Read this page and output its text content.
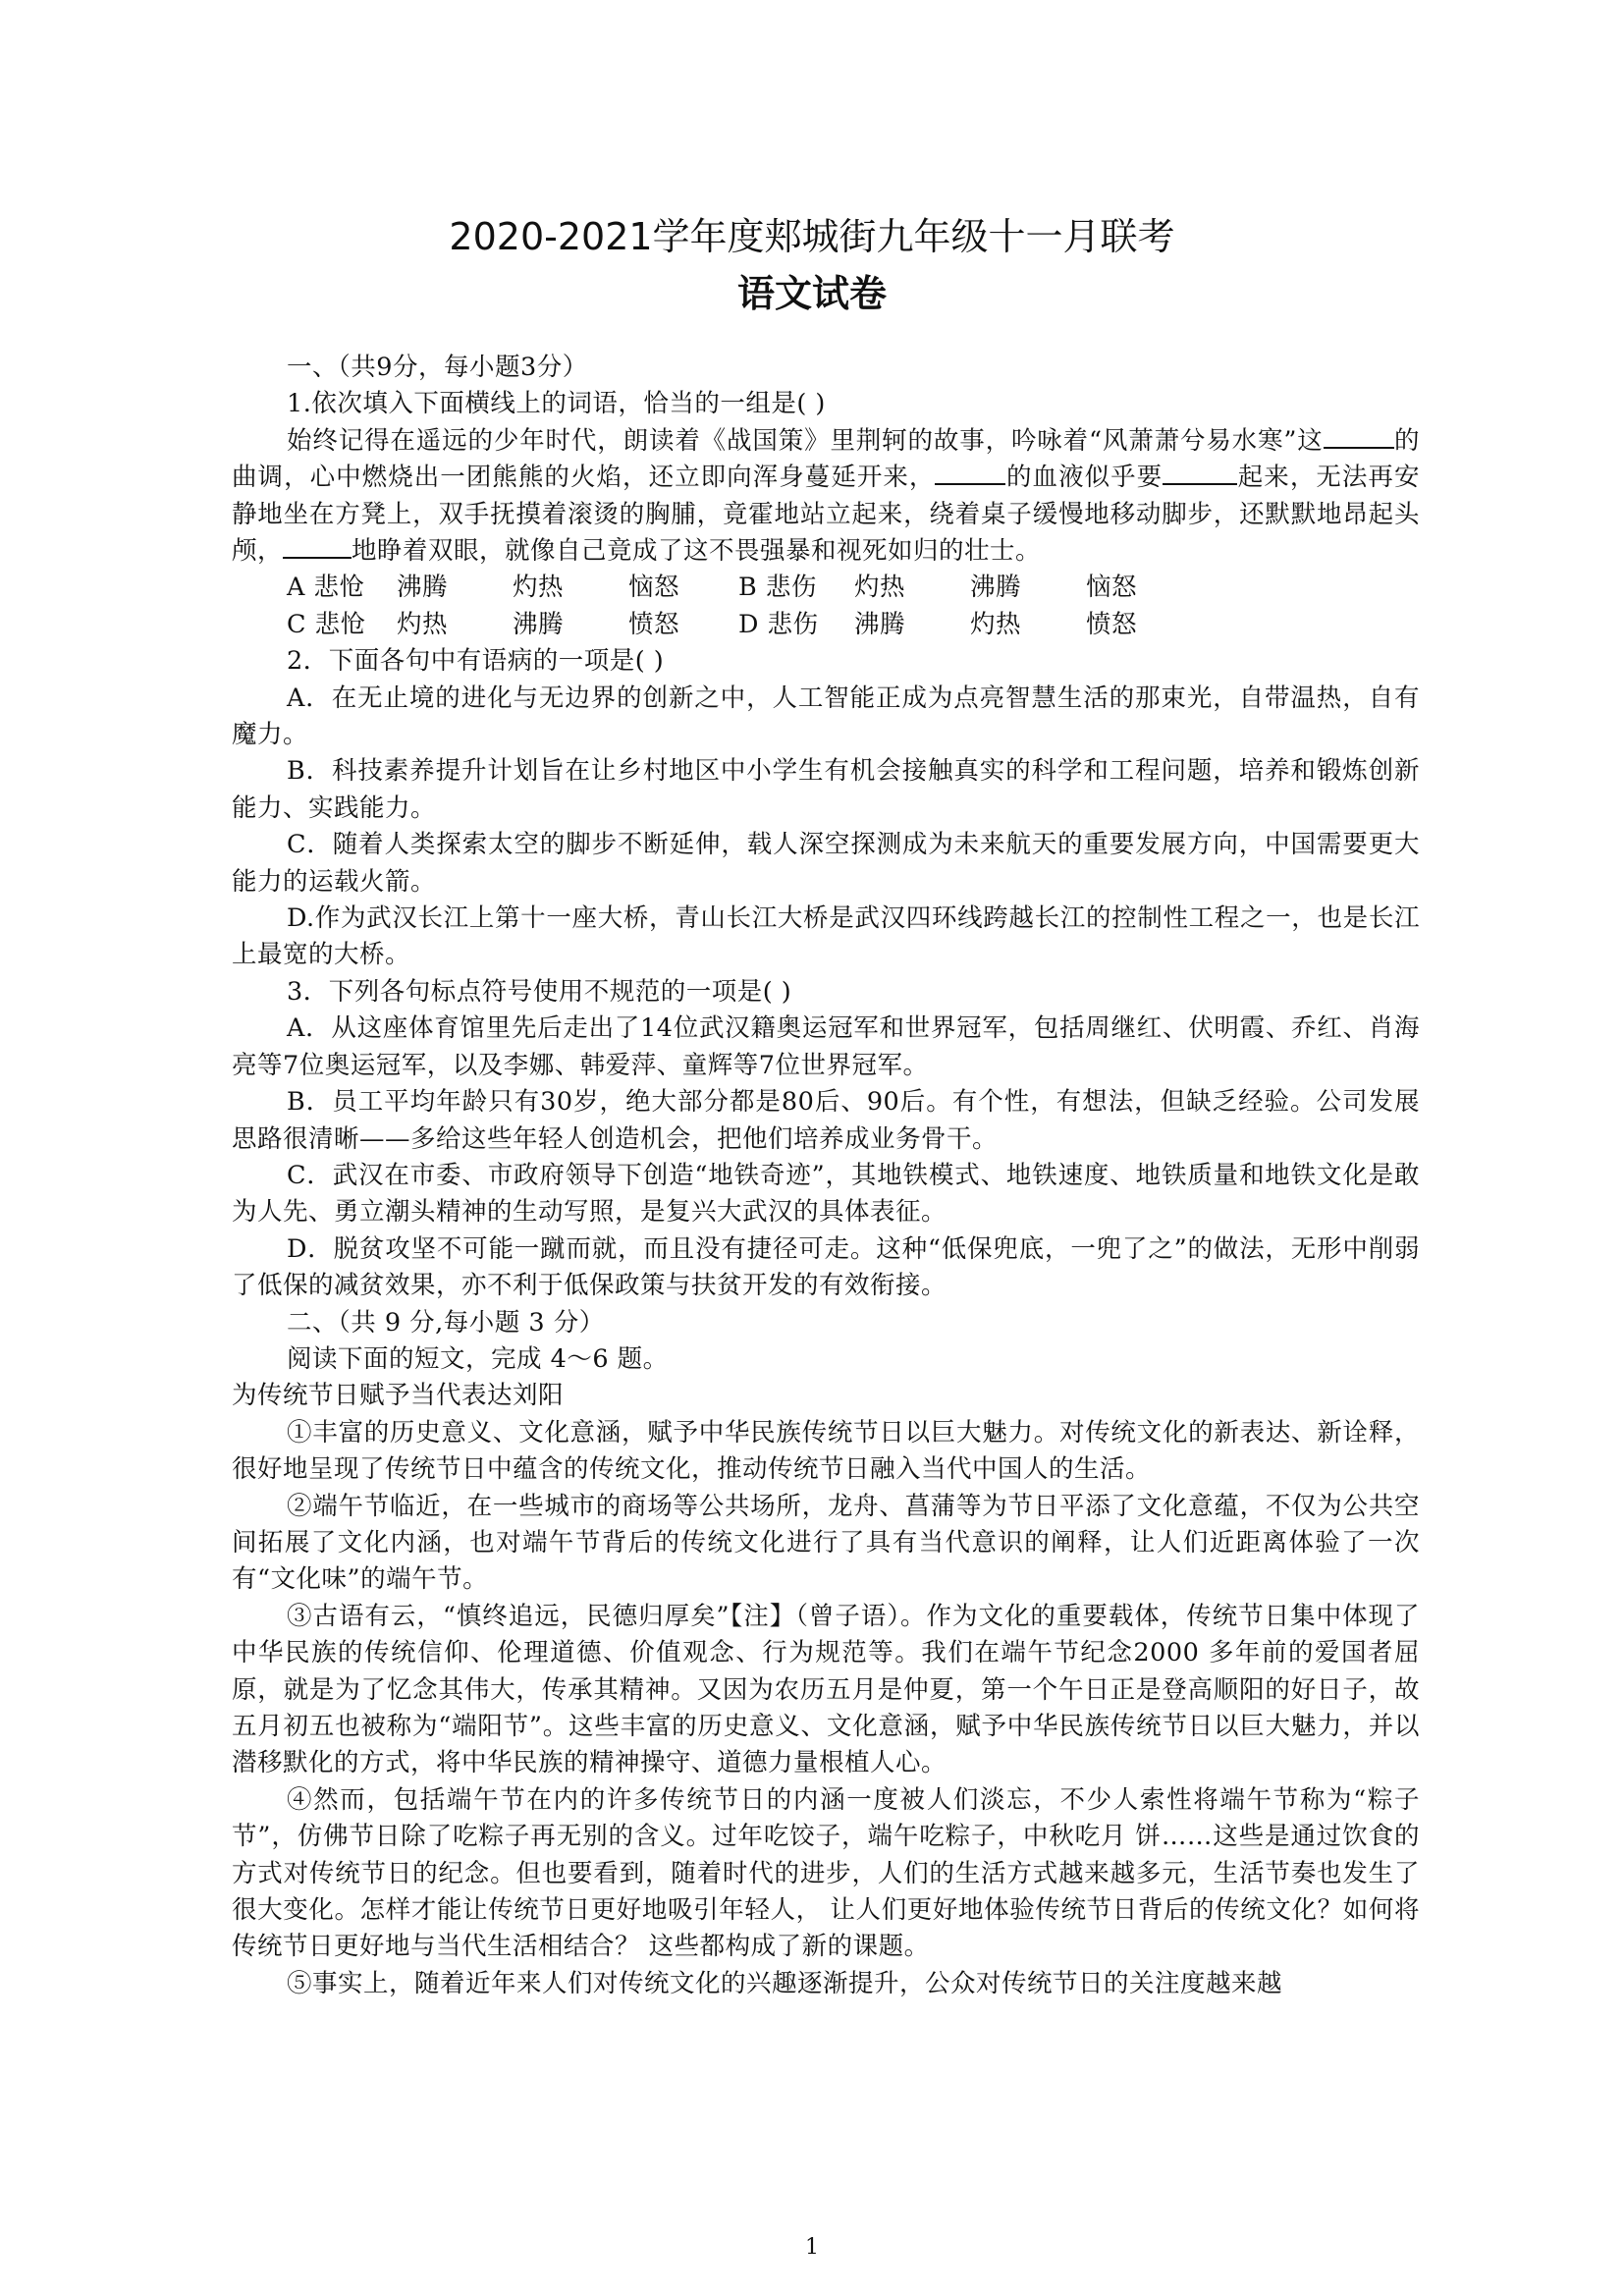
2020-2021学年度郏城街九年级十一月联考
语文试卷

一、（共9分，每小题3分）

1.依次填入下面横线上的词语，恰当的一组是( )

始终记得在遥远的少年时代，朗读着《战国策》里荆轲的故事，吟咏着“风萧萧兮易水寒”这	的 曲调，心中燃烧出一团熊熊的火焰，还立即向浑身蔓延开来，	的血液似乎要	起来，无法再安静地坐在方凳上，双手抚摸着滚烫的胸脯，竟霍地站立起来，绕着桌子缓慢地移动脚步，还默默地昂起头颅，	地睁着双眼，就像自己竟成了这不畏强暴和视死如归的壮士。

A 悲怆	沸腾	灼热	恼怒	B 悲伤	灼热	沸腾	恼怒
C 悲怆	灼热	沸腾	愤怒	D 悲伤	沸腾	灼热	愤怒

2．下面各句中有语病的一项是( )

A．在无止境的进化与无边界的创新之中，人工智能正成为点亮智慧生活的那束光，自带温热，自有魔力。

B．科技素养提升计划旨在让乡村地区中小学生有机会接触真实的科学和工程问题，培养和锻炼创新能力、实践能力。

C．随着人类探索太空的脚步不断延伸，载人深空探测成为未来航天的重要发展方向，中国需要更大能力的运载火箭。

D.作为武汉长江上第十一座大桥，青山长江大桥是武汉四环线跨越长江的控制性工程之一，也是长江上最宽的大桥。

3．下列各句标点符号使用不规范的一项是( )

A．从这座体育馆里先后走出了14位武汉籍奥运冠军和世界冠军，包括周继红、伏明霞、乔红、肖海亮等7位奥运冠军，以及李娜、韩爱萍、童辉等7位世界冠军。

B．员工平均年龄只有30岁，绝大部分都是80后、90后。有个性，有想法，但缺乏经验。公司发展思路很清晰——多给这些年轻人创造机会，把他们培养成业务骨干。

C．武汉在市委、市政府领导下创造“地铁奇迹”，其地铁模式、地铁速度、地铁质量和地铁文化是敢为人先、勇立潮头精神的生动写照，是复兴大武汉的具体表征。

D．脱贫攻坚不可能一蹴而就，而且没有捷径可走。这种“低保兜底，一兜了之”的做法，无形中削弱了低保的减贫效果，亦不利于低保政策与扶贫开发的有效衔接。

二、（共 9 分,每小题 3 分）

阅读下面的短文，完成 4～6 题。

为传统节日赋予当代表达刘阳

①丰富的历史意义、文化意涵，赋予中华民族传统节日以巨大魅力。对传统文化的新表达、新诠释，很好地呈现了传统节日中蕴含的传统文化，推动传统节日融入当代中国人的生活。

②端午节临近，在一些城市的商场等公共场所，龙舟、菖蒲等为节日平添了文化意蕴，不仅为公共空间拓展了文化内涵，也对端午节背后的传统文化进行了具有当代意识的阐释，让人们近距离体验了一次有“文化味”的端午节。

③古语有云，“慎终追远，民德归厚矣”【注】（曾子语）。作为文化的重要载体，传统节日集中体现了中华民族的传统信仰、伦理道德、价值观念、行为规范等。我们在端午节纪念2000 多年前的爱国者屈原，就是为了忆念其伟大，传承其精神。又因为农历五月是仲夏，第一个午日正是登高顺阳的好日子，故五月初五也被称为“端阳节”。这些丰富的历史意义、文化意涵，赋予中华民族传统节日以巨大魅力，并以潜移默化的方式，将中华民族的精神操守、道德力量根植人心。

④然而，包括端午节在内的许多传统节日的内涵一度被人们淡忘，不少人索性将端午节称为“粽子节”，仿佛节日除了吃粽子再无别的含义。过年吃饺子，端午吃粽子，中秋吃月 饼……这些是通过饮食的方式对传统节日的纪念。但也要看到，随着时代的进步，人们的生活方式越来越多元，生活节奏也发生了很大变化。怎样才能让传统节日更好地吸引年轻人， 让人们更好地体验传统节日背后的传统文化？如何将传统节日更好地与当代生活相结合？ 这些都构成了新的课题。

⑤事实上，随着近年来人们对传统文化的兴趣逐渐提升，公众对传统节日的关注度越来越

1
